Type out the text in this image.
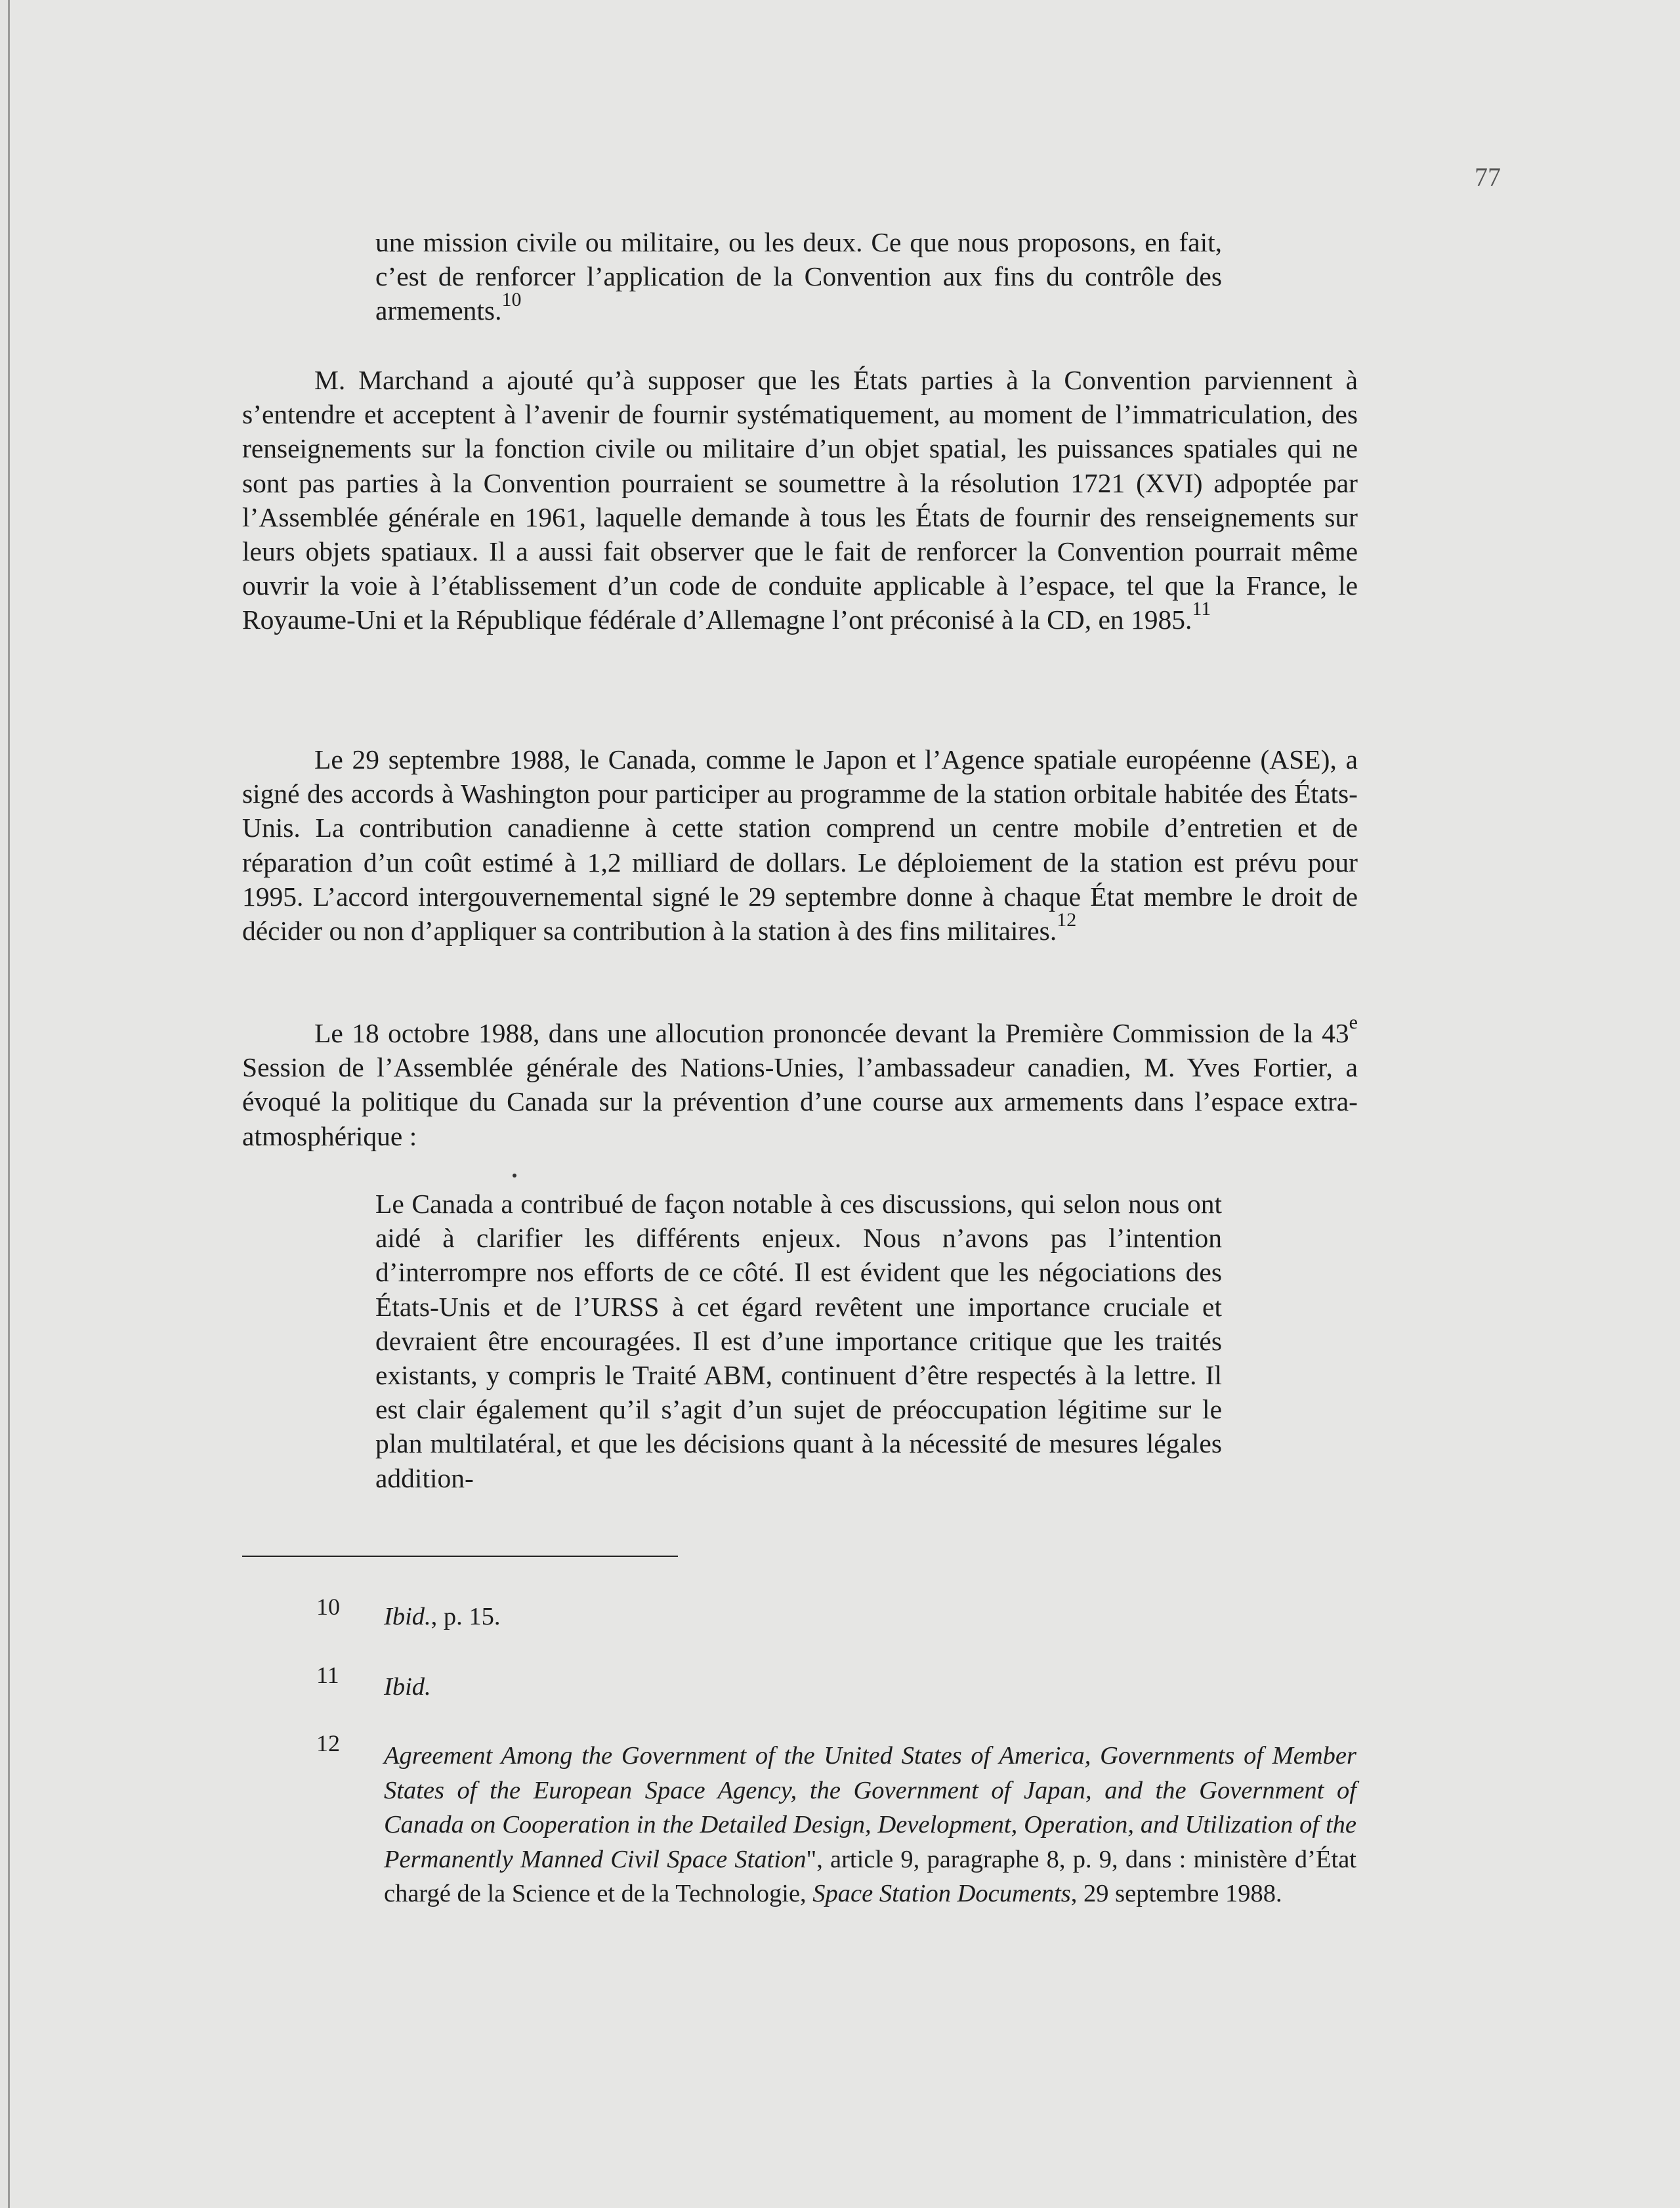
77

une mission civile ou militaire, ou les deux. Ce que nous proposons, en fait, c’est de renforcer l’application de la Convention aux fins du contrôle des armements.$^{10}$

M. Marchand a ajouté qu’à supposer que les États parties à la Convention parviennent à s’entendre et acceptent à l’avenir de fournir systématiquement, au moment de l’immatriculation, des renseignements sur la fonction civile ou militaire d’un objet spatial, les puissances spatiales qui ne sont pas parties à la Convention pourraient se soumettre à la résolution 1721 (XVI) adpoptée par l’Assemblée générale en 1961, laquelle demande à tous les États de fournir des renseignements sur leurs objets spatiaux. Il a aussi fait observer que le fait de renforcer la Convention pourrait même ouvrir la voie à l’établissement d’un code de conduite applicable à l’espace, tel que la France, le Royaume-Uni et la République fédérale d’Allemagne l’ont préconisé à la CD, en 1985.11

Le 29 septembre 1988, le Canada, comme le Japon et l’Agence spatiale européenne (ASE), a signé des accords à Washington pour participer au programme de la station orbitale habitée des États-Unis. La contribution canadienne à cette station comprend un centre mobile d’entretien et de réparation d’un coût estimé à 1,2 milliard de dollars. Le déploiement de la station est prévu pour 1995. L’accord intergouvernemental signé le 29 septembre donne à chaque État membre le droit de décider ou non d’appliquer sa contribution à la station à des fins militaires.$^{12}$

Le 18 octobre 1988, dans une allocution prononcée devant la Première Commission de la 43e Session de l’Assemblée générale des Nations-Unies, l’ambassadeur canadien, M. Yves Fortier, a évoqué la politique du Canada sur la prévention d’une course aux armements dans l’espace extra-atmosphérique :

Le Canada a contribué de façon notable à ces discussions, qui selon nous ont aidé à clarifier les différents enjeux. Nous n’avons pas l’intention d’interrompre nos efforts de ce côté. Il est évident que les négociations des États-Unis et de l’URSS à cet égard revêtent une importance cruciale et devraient être encouragées. Il est d’une importance critique que les traités existants, y compris le Traité ABM, continuent d’être respectés à la lettre. Il est clair également qu’il s’agit d’un sujet de préoccupation légitime sur le plan multilatéral, et que les décisions quant à la nécessité de mesures légales addition-

10 Ibid., p. 15.

11 Ibid.

12 Agreement Among the Government of the United States of America, Governments of Member States of the European Space Agency, the Government of Japan, and the Government of Canada on Cooperation in the Detailed Design, Development, Operation, and Utilization of the Permanently Manned Civil Space Station", article 9, paragraphe 8, p. 9, dans : ministère d’État chargé de la Science et de la Technologie, Space Station Documents, 29 septembre 1988.
